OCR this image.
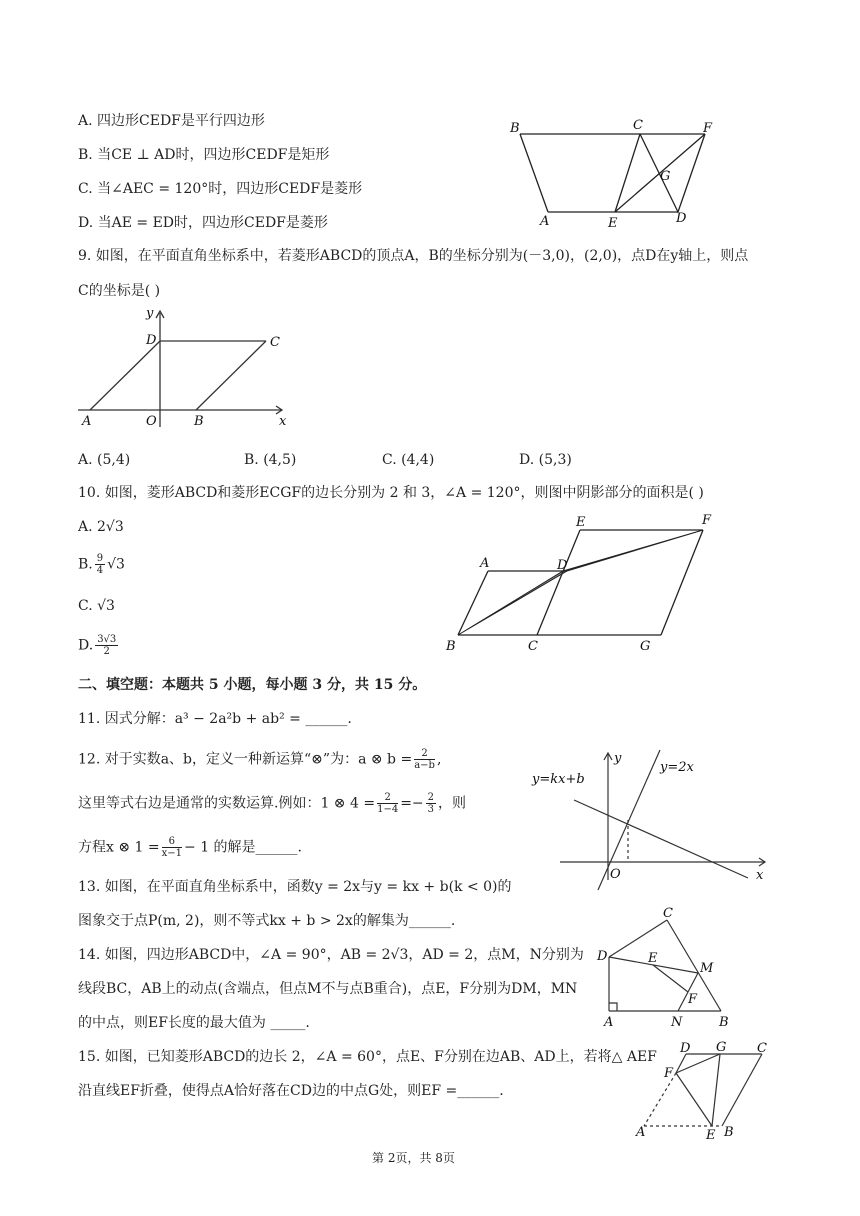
A. 四边形CEDF是平行四边形
B. 当CE ⊥ AD时，四边形CEDF是矩形
C. 当∠AEC = 120°时，四边形CEDF是菱形
D. 当AE = ED时，四边形CEDF是菱形
B	C	F
G
A	E	D
9. 如图，在平面直角坐标系中，若菱形ABCD的顶点A，B的坐标分别为(－3,0)，(2,0)，点D在y轴上，则点
C的坐标是( )
y
D	C
A	O	B	x
A. (5,4)	B. (4,5)	C. (4,4)	D. (5,3)
10. 如图，菱形ABCD和菱形ECGF的边长分别为 2 和 3，∠A = 120°，则图中阴影部分的面积是( )
A. 2√3
B. $\frac{9}{4} √3$
C. √3
D. $\frac{3√3}{2}$
E	F
A	D
B	C	G
二、填空题：本题共 5 小题，每小题 3 分，共 15 分。
11. 因式分解：a³ − 2a²b + ab² = ______.
12. 对于实数a、b，定义一种新运算“⊗”为：a ⊗ $b = \frac{2}{a-b}$ ,
这里等式右边是通常的实数运算.例如：1 ⊗ $4 = \frac{2}{1-4} =- \frac{2}{3}$ ，则
方程x ⊗ $1 = \frac{6}{x-1} - 1$ 的解是______.
y
y=kx+b
y=2x
O	x
13. 如图，在平面直角坐标系中，函数y = 2x与y = kx + b(k < 0)的
图象交于点P(m, 2)，则不等式kx + b > 2x的解集为______.
14. 如图，四边形ABCD中，∠A = 90°，AB = 2√3，AD = 2，点M，N分别为
线段BC，AB上的动点(含端点，但点M不与点B重合)，点E，F分别为DM，MN
的中点，则EF长度的最大值为 _____.
C
D	E
M
F
A	N	B
15. 如图，已知菱形ABCD的边长 2，∠A = 60°，点E、F分别在边AB、AD上，若将△ AEF
沿直线EF折叠，使得点A恰好落在CD边的中点G处，则EF =______.
D G C
F
A	E B
第 2页，共 8页
